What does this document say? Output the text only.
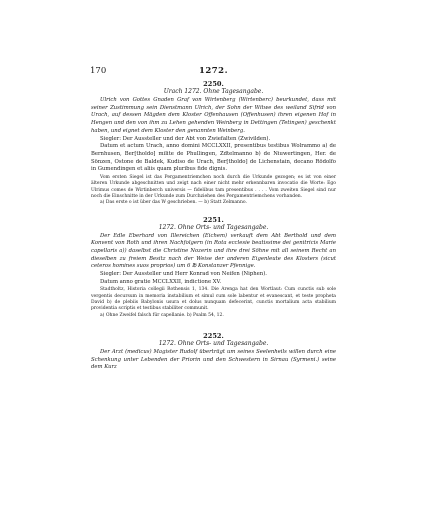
170	1272.

2250.

Urach 1272. Ohne Tagesangabe.

Ulrich von Gottes Gnaden Graf von Wirtenberg (Wirtenberc) beurkundet, dass mit seiner Zustimmung sein Dienstmann Ulrich, der Sohn der Witwe des weiland Sifrid von Urach, auf dessen Mägden dem Kloster Offenhausen (Offenhusen) ihren eigenen Hof in Hengen und den von ihm zu Lehen gehenden Weinberg in Dettingen (Tetingen) geschenkt haben, und eignet dem Kloster den genannten Weinberg.

Siegler: Der Aussteller und der Abt von Zwiefalten (Zwivilden).

Datum et actum Urach, anno domini MCCLXXII, presentibus testibus Wolrammo a) de Bernhusen, Ber[tholdo] milite de Phullingen, Zdtelmanno b) de Niuwertingen, Her. de Sönzen, Ostone de Baldek, Kudiso de Urach, Ber[tholdo] de Lichenstain, decano Rödolfo in Gumendingen et aliis quam pluribus fide dignis.

Vom ersten Siegel ist das Pergamentriemchen noch durch die Urkunde gezogen; es ist von einer älteren Urkunde abgeschnitten und zeigt nach einer nicht mehr erkennbaren invocatio die Worte: Ego Ulrimus comes de Wirtinberch universis — fidelibus tam presentibus . . . . Vom zweiten Siegel sind nur noch die Einschnitte in der Urkunde zum Durchziehen des Pergamentriemchens vorhanden.

a) Das erste o ist über das W geschrieben. — b) Statt Zelmanno.

2251.

1272. Ohne Orts- und Tagesangabe.

Der Edle Eberhard von Illereichen (Eichem) verkauft dem Abt Berthold und dem Konvent von Roth und ihren Nachfolgern (in Rota ecclesie beatissime dei genitricis Marie capellaris a)) daselbst die Christine Nozerin und ihre drei Söhne mit all seinem Recht an dieselben zu freiem Besitz nach der Weise der anderen Eigenleute des Klosters (sicut ceteros homines suos proprios) um 6 ℔ Konstanzer Pfennige.

Siegler: Der Aussteller und Herr Konrad von Neifen (Niphen).

Datum anno gratie MCCLXXII, indictione XV.

Stadtholtz, Historia collegii Rothensis 1, 134. Die Arenga hat den Wortlaut: Cum cunctis sub sole vergentis decursum in memoria instabilium et simul cum sole labentur et evanescant, et teste propheta David b) de plebiis Babylonis usura et dolus nunquam defecerint, cunctis mortalium acta stabilium providentia scriptis et testibus stabiliter communit.

a) Ohne Zweifel falsch für capellanie. b) Psalm 54, 12.

2252.

1272. Ohne Orts- und Tagesangabe.

Der Arzt (medicus) Magister Rudolf überträgt um seines Seelenheils willen durch eine Schenkung unter Lebenden der Priorin und den Schwestern in Sirnau (Syrmeni.) seine dem Kurz
